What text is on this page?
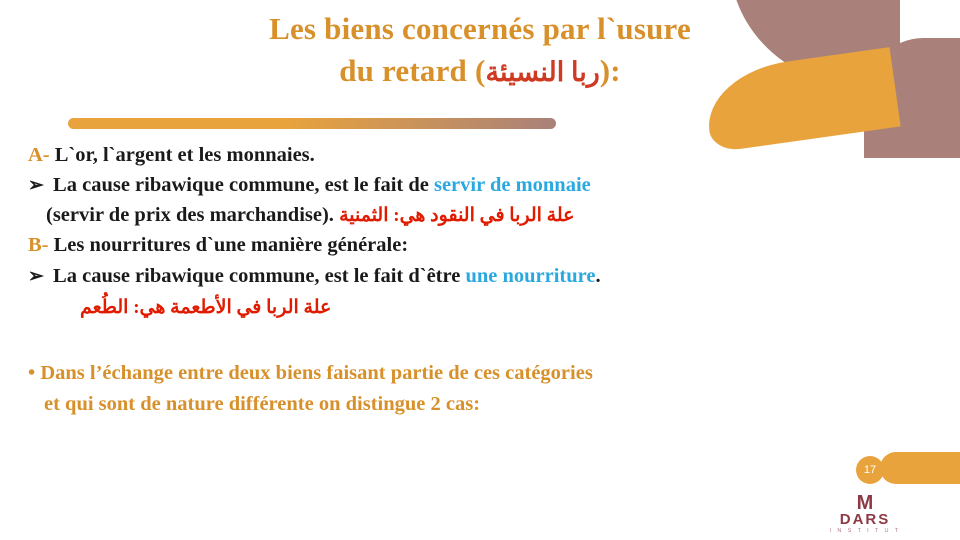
Les biens concernés par l`usure
du retard (ربا النسيئة):
A- L`or, l`argent et les monnaies.
➢ La cause ribawique commune, est le fait de servir de monnaie
(servir de prix des marchandise). علة الربا في النقود هي: الثمنية
B- Les nourritures d`une manière générale:
➢ La cause ribawique commune, est le fait d`être une nourriture.
علة الربا في الأطعمة هي: الطُعم
• Dans l’échange entre deux biens faisant partie de ces catégories
et qui sont de nature différente on distingue 2 cas:
17
M
DARS
I N S T I T U T
